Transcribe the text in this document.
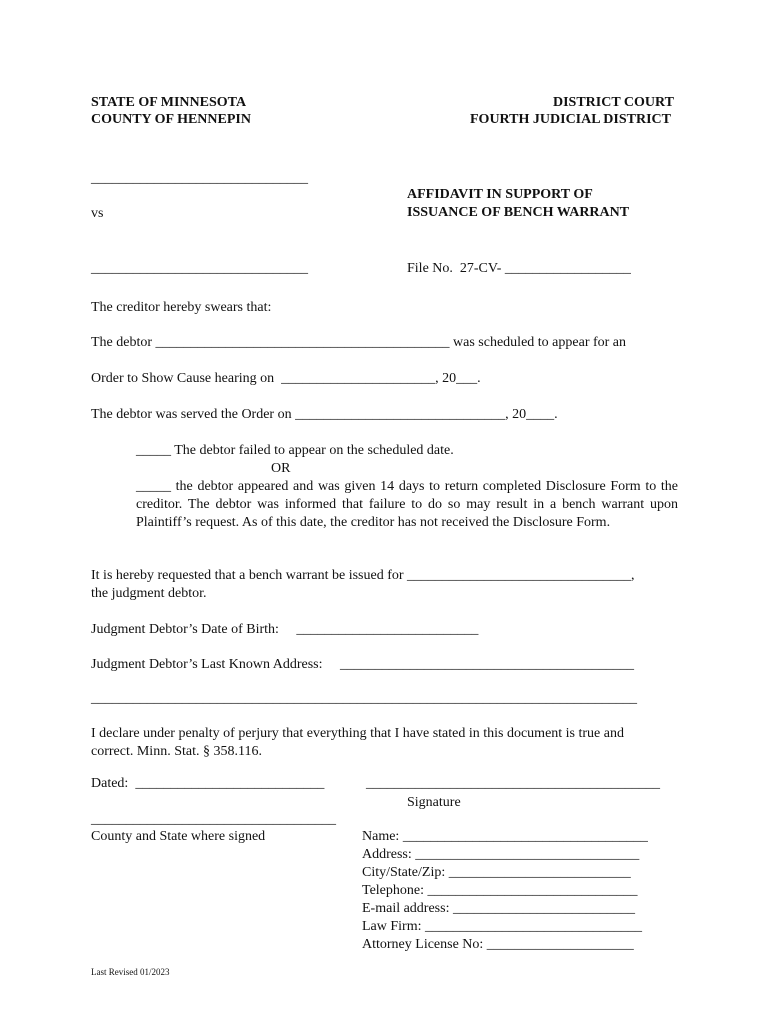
STATE OF MINNESOTA
COUNTY OF HENNEPIN
DISTRICT COURT
FOURTH JUDICIAL DISTRICT
_______________________________
vs
_______________________________
AFFIDAVIT IN SUPPORT OF
ISSUANCE OF BENCH WARRANT
File No.  27-CV- __________________
The creditor hereby swears that:
The debtor __________________________________________ was scheduled to appear for an
Order to Show Cause hearing on  ______________________, 20___.
The debtor was served the Order on ______________________________, 20____.
_____ The debtor failed to appear on the scheduled date.
OR
_____ the debtor appeared and was given 14 days to return completed Disclosure Form to the creditor. The debtor was informed that failure to do so may result in a bench warrant upon Plaintiff’s request. As of this date, the creditor has not received the Disclosure Form.
It is hereby requested that a bench warrant be issued for ________________________________,
the judgment debtor.
Judgment Debtor’s Date of Birth:     __________________________
Judgment Debtor’s Last Known Address:     __________________________________________
______________________________________________________________________________
I declare under penalty of perjury that everything that I have stated in this document is true and
correct. Minn. Stat. § 358.116.
Dated:  ___________________________	__________________________________________
Signature
___________________________________
County and State where signed	Name: ___________________________________
Address: ________________________________
City/State/Zip: __________________________
Telephone: ______________________________
E-mail address: __________________________
Law Firm: _______________________________
Attorney License No: _____________________
Last Revised 01/2023
